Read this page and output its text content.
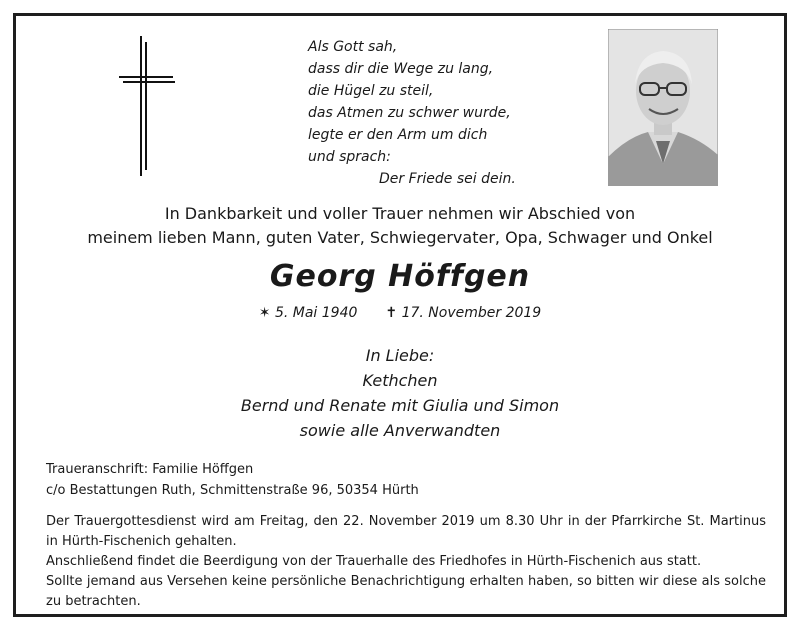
Als Gott sah,
dass dir die Wege zu lang,
die Hügel zu steil,
das Atmen zu schwer wurde,
legte er den Arm um dich
und sprach:
Der Friede sei dein.
In Dankbarkeit und voller Trauer nehmen wir Abschied von
meinem lieben Mann, guten Vater, Schwiegervater, Opa, Schwager und Onkel
Georg Höffgen
✶ 5. Mai 1940 ✝ 17. November 2019
In Liebe:
Kethchen
Bernd und Renate mit Giulia und Simon
sowie alle Anverwandten
Traueranschrift: Familie Höffgen
c/o Bestattungen Ruth, Schmittenstraße 96, 50354 Hürth

Der Trauergottesdienst wird am Freitag, den 22. November 2019 um 8.30 Uhr in der Pfarrkirche St. Martinus in Hürth-Fischenich gehalten.

Anschließend findet die Beerdigung von der Trauerhalle des Friedhofes in Hürth-Fischenich aus statt.

Sollte jemand aus Versehen keine persönliche Benachrichtigung erhalten haben, so bitten wir diese als solche zu betrachten.
